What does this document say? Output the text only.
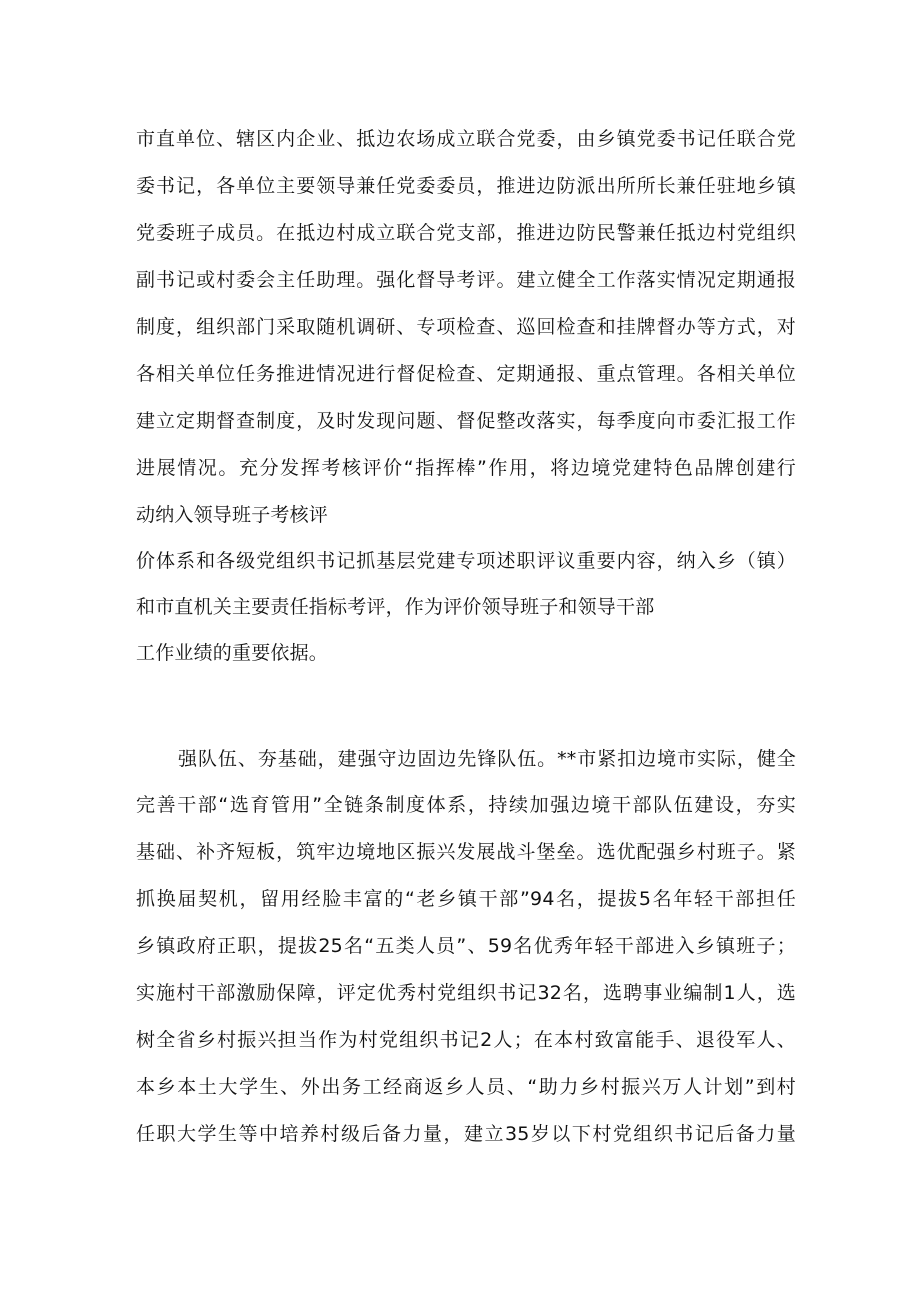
市直单位、辖区内企业、抵边农场成立联合党委，由乡镇党委书记任联合党
委书记，各单位主要领导兼任党委委员，推进边防派出所所长兼任驻地乡镇
党委班子成员。在抵边村成立联合党支部，推进边防民警兼任抵边村党组织
副书记或村委会主任助理。强化督导考评。建立健全工作落实情况定期通报
制度，组织部门采取随机调研、专项检查、巡回检查和挂牌督办等方式，对
各相关单位任务推进情况进行督促检查、定期通报、重点管理。各相关单位
建立定期督查制度，及时发现问题、督促整改落实，每季度向市委汇报工作
进展情况。充分发挥考核评价“指挥棒”作用，将边境党建特色品牌创建行
动纳入领导班子考核评
价体系和各级党组织书记抓基层党建专项述职评议重要内容，纳入乡（镇）
和市直机关主要责任指标考评，作为评价领导班子和领导干部
工作业绩的重要依据。
强队伍、夯基础，建强守边固边先锋队伍。**市紧扣边境市实际，健全
完善干部“选育管用”全链条制度体系，持续加强边境干部队伍建设，夯实
基础、补齐短板，筑牢边境地区振兴发展战斗堡垒。选优配强乡村班子。紧
抓换届契机，留用经脸丰富的“老乡镇干部”94名，提拔5名年轻干部担任
乡镇政府正职，提拔25名“五类人员”、59名优秀年轻干部进入乡镇班子；
实施村干部激励保障，评定优秀村党组织书记32名，选聘事业编制1人，选
树全省乡村振兴担当作为村党组织书记2人；在本村致富能手、退役军人、
本乡本土大学生、外出务工经商返乡人员、“助力乡村振兴万人计划”到村
任职大学生等中培养村级后备力量，建立35岁以下村党组织书记后备力量
